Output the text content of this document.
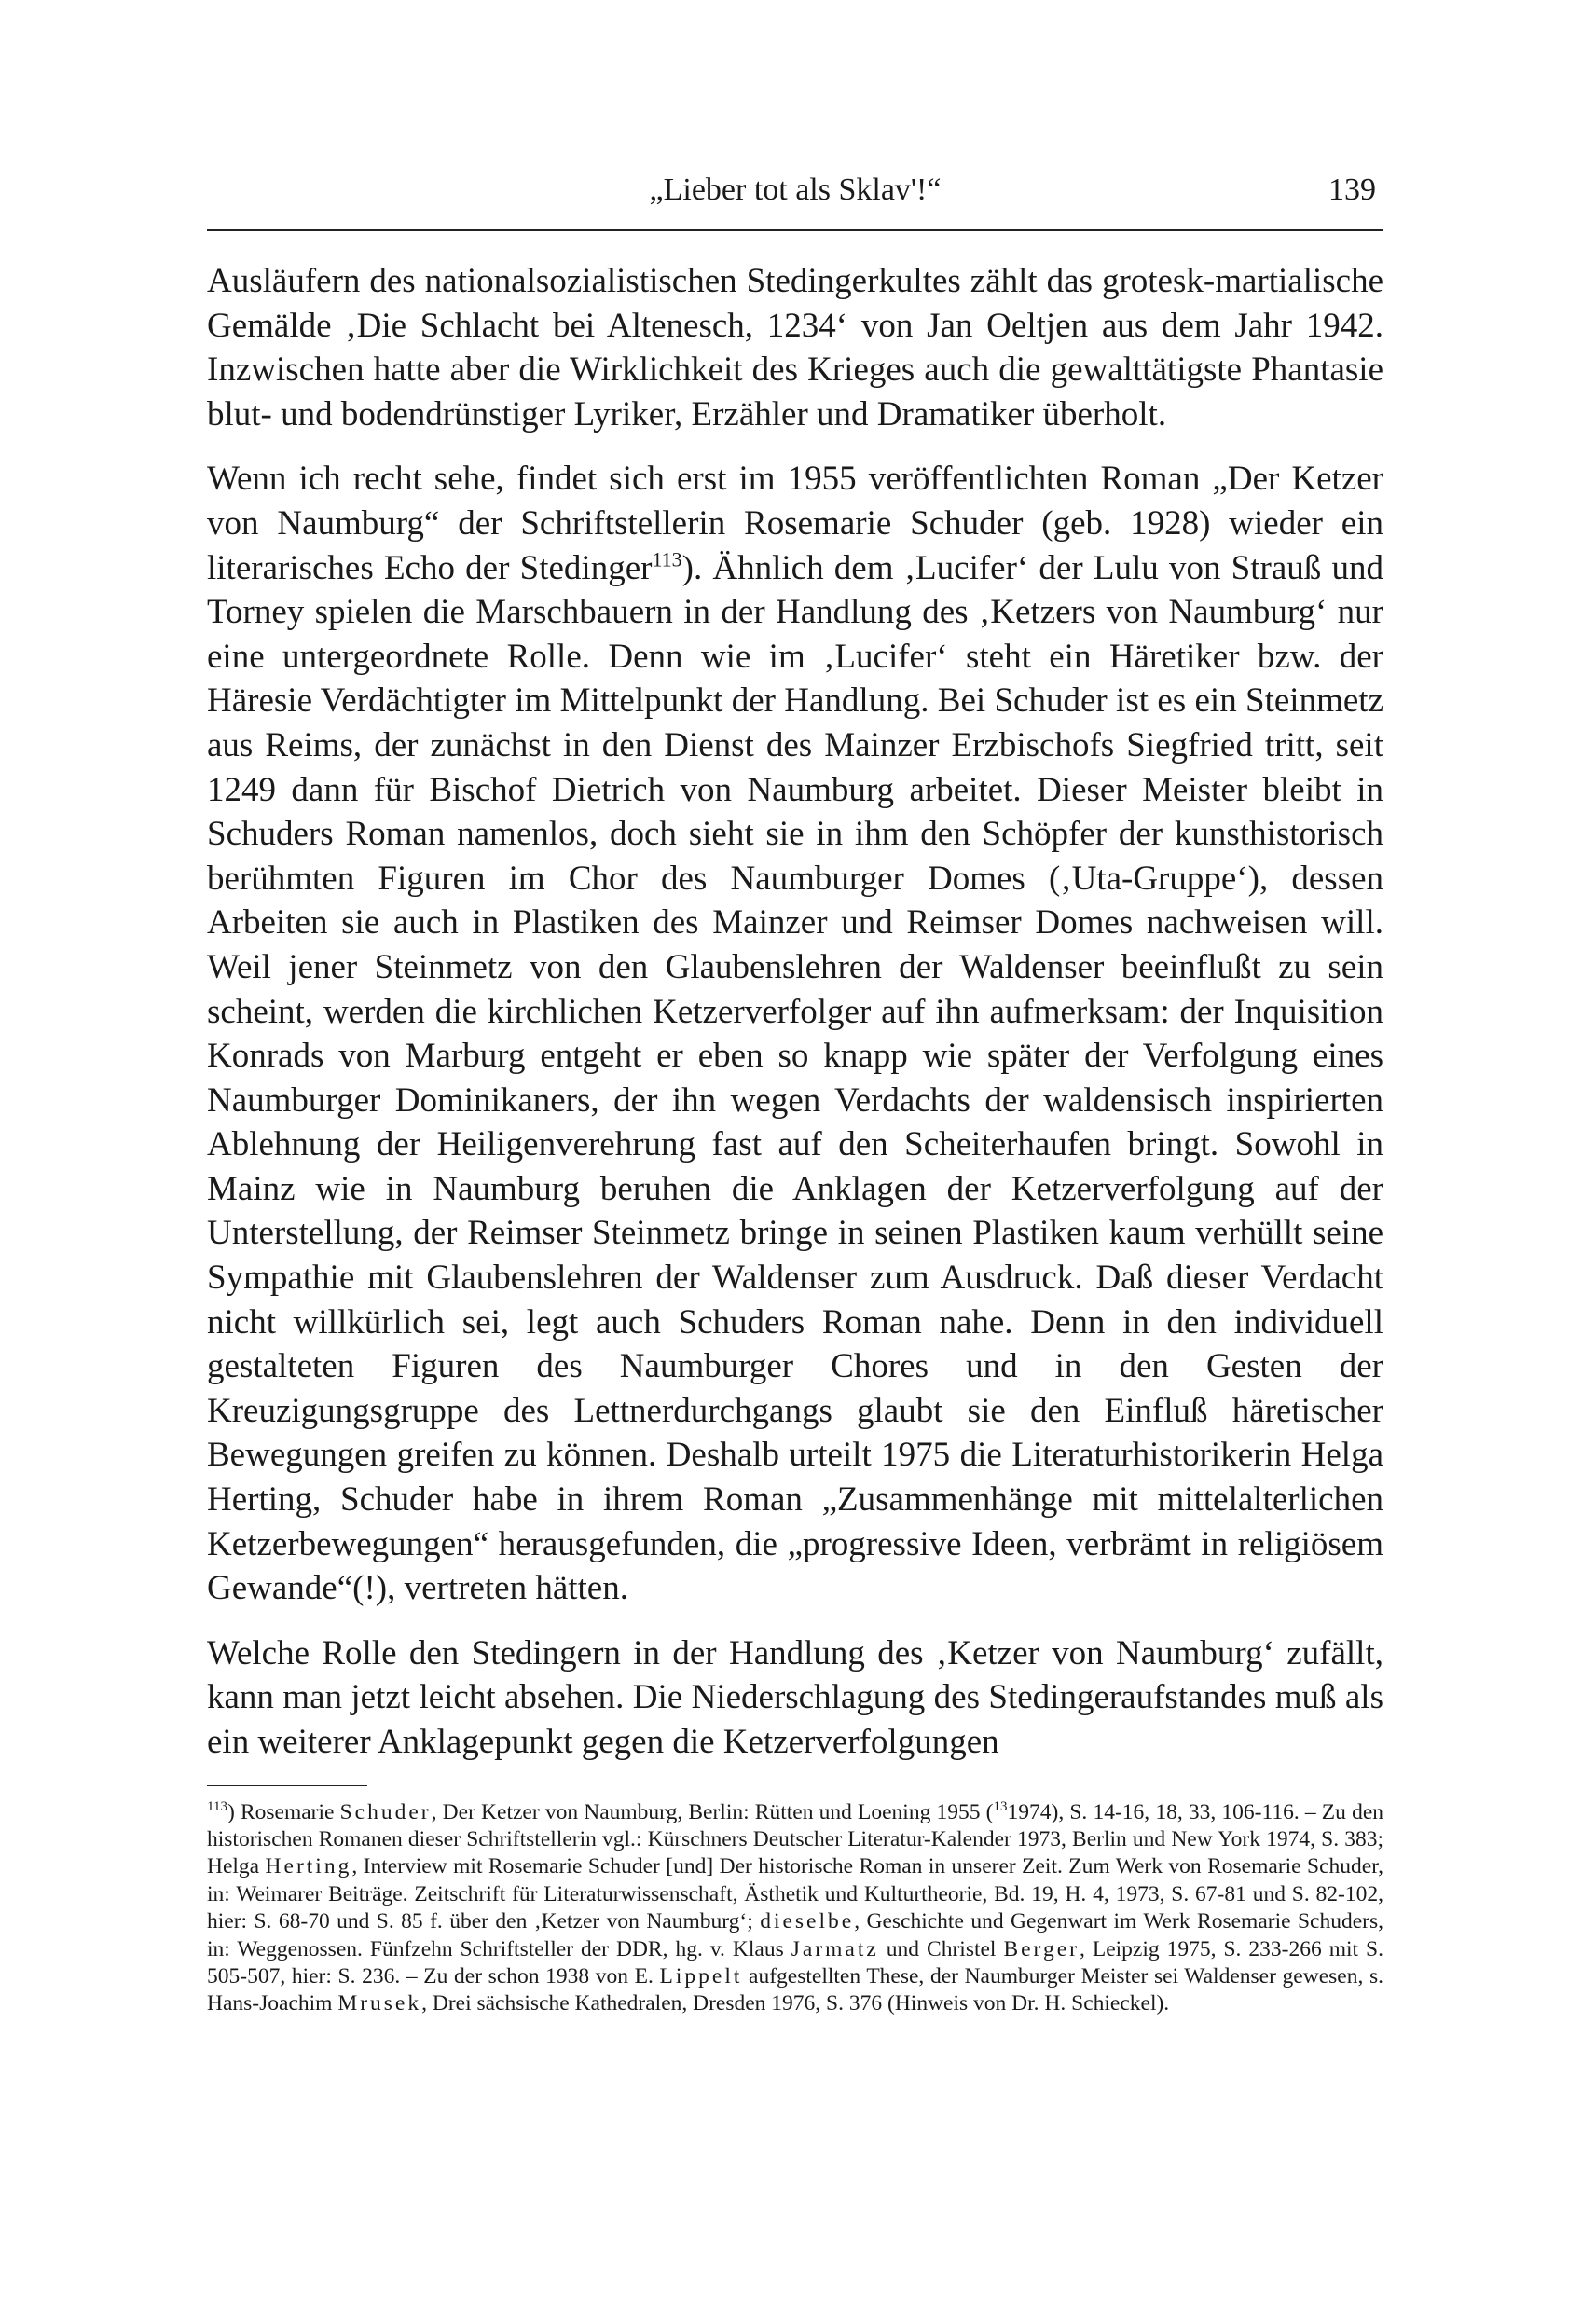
„Lieber tot als Sklav'!“	139

Ausläufern des nationalsozialistischen Stedingerkultes zählt das grotesk-martialische Gemälde ‚Die Schlacht bei Altenesch, 1234‘ von Jan Oeltjen aus dem Jahr 1942. Inzwischen hatte aber die Wirklichkeit des Krieges auch die gewalttätigste Phantasie blut- und bodendrünstiger Lyriker, Erzähler und Dramatiker überholt.

Wenn ich recht sehe, findet sich erst im 1955 veröffentlichten Roman „Der Ketzer von Naumburg“ der Schriftstellerin Rosemarie Schuder (geb. 1928) wieder ein literarisches Echo der Stedinger$^{113}$). Ähnlich dem ‚Lucifer‘ der Lulu von Strauß und Torney spielen die Marschbauern in der Handlung des ‚Ketzers von Naumburg‘ nur eine untergeordnete Rolle. Denn wie im ‚Lucifer‘ steht ein Häretiker bzw. der Häresie Verdächtigter im Mittelpunkt der Handlung. Bei Schuder ist es ein Steinmetz aus Reims, der zunächst in den Dienst des Mainzer Erzbischofs Siegfried tritt, seit 1249 dann für Bischof Dietrich von Naumburg arbeitet. Dieser Meister bleibt in Schuders Roman namenlos, doch sieht sie in ihm den Schöpfer der kunsthistorisch berühmten Figuren im Chor des Naumburger Domes (‚Uta-Gruppe‘), dessen Arbeiten sie auch in Plastiken des Mainzer und Reimser Domes nachweisen will. Weil jener Steinmetz von den Glaubenslehren der Waldenser beeinflußt zu sein scheint, werden die kirchlichen Ketzerverfolger auf ihn aufmerksam: der Inquisition Konrads von Marburg entgeht er eben so knapp wie später der Verfolgung eines Naumburger Dominikaners, der ihn wegen Verdachts der waldensisch inspirierten Ablehnung der Heiligenverehrung fast auf den Scheiterhaufen bringt. Sowohl in Mainz wie in Naumburg beruhen die Anklagen der Ketzerverfolgung auf der Unterstellung, der Reimser Steinmetz bringe in seinen Plastiken kaum verhüllt seine Sympathie mit Glaubenslehren der Waldenser zum Ausdruck. Daß dieser Verdacht nicht willkürlich sei, legt auch Schuders Roman nahe. Denn in den individuell gestalteten Figuren des Naumburger Chores und in den Gesten der Kreuzigungsgruppe des Lettnerdurchgangs glaubt sie den Einfluß häretischer Bewegungen greifen zu können. Deshalb urteilt 1975 die Literaturhistorikerin Helga Herting, Schuder habe in ihrem Roman „Zusammenhänge mit mittelalterlichen Ketzerbewegungen“ herausgefunden, die „progressive Ideen, verbrämt in religiösem Gewande“(!), vertreten hätten.

Welche Rolle den Stedingern in der Handlung des ‚Ketzer von Naumburg‘ zufällt, kann man jetzt leicht absehen. Die Niederschlagung des Stedingeraufstandes muß als ein weiterer Anklagepunkt gegen die Ketzerverfolgungen

$^{113}$) Rosemarie Schuder, Der Ketzer von Naumburg, Berlin: Rütten und Loening 1955 ($^{13}$1974), S. 14-16, 18, 33, 106-116. – Zu den historischen Romanen dieser Schriftstellerin vgl.: Kürschners Deutscher Literatur-Kalender 1973, Berlin und New York 1974, S. 383; Helga Herting, Interview mit Rosemarie Schuder [und] Der historische Roman in unserer Zeit. Zum Werk von Rosemarie Schuder, in: Weimarer Beiträge. Zeitschrift für Literaturwissenschaft, Ästhetik und Kulturtheorie, Bd. 19, H. 4, 1973, S. 67-81 und S. 82-102, hier: S. 68-70 und S. 85 f. über den ‚Ketzer von Naumburg‘; dieselbe, Geschichte und Gegenwart im Werk Rosemarie Schuders, in: Weggenossen. Fünfzehn Schriftsteller der DDR, hg. v. Klaus Jarmatz und Christel Berger, Leipzig 1975, S. 233-266 mit S. 505-507, hier: S. 236. – Zu der schon 1938 von E. Lippelt aufgestellten These, der Naumburger Meister sei Waldenser gewesen, s. Hans-Joachim Mrusek, Drei sächsische Kathedralen, Dresden 1976, S. 376 (Hinweis von Dr. H. Schieckel).
